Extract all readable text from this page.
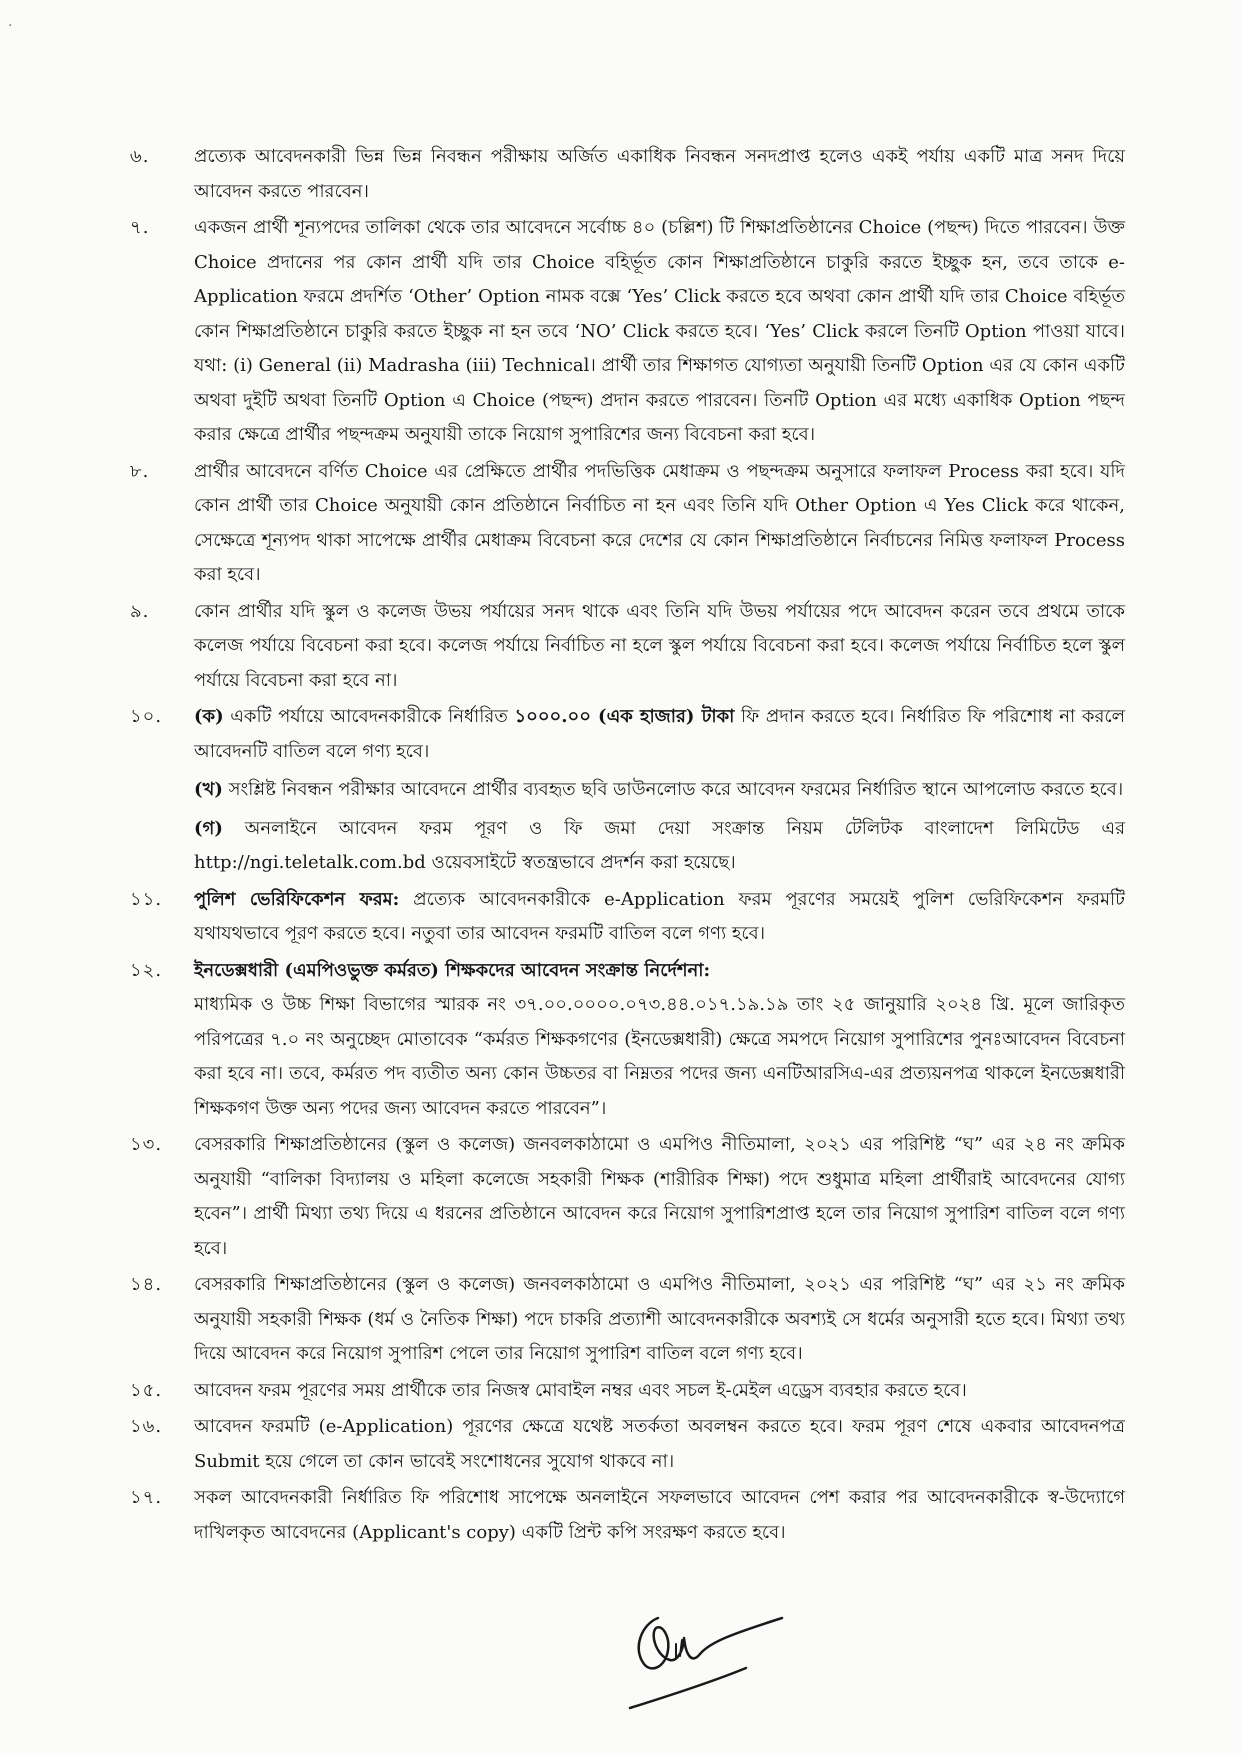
·
৬. প্রত্যেক আবেদনকারী ভিন্ন ভিন্ন নিবন্ধন পরীক্ষায় অর্জিত একাধিক নিবন্ধন সনদপ্রাপ্ত হলেও একই পর্যায় একটি মাত্র সনদ দিয়ে আবেদন করতে পারবেন।

৭. একজন প্রার্থী শূন্যপদের তালিকা থেকে তার আবেদনে সর্বোচ্চ ৪০ (চল্লিশ) টি শিক্ষাপ্রতিষ্ঠানের Choice (পছন্দ) দিতে পারবেন। উক্ত Choice প্রদানের পর কোন প্রার্থী যদি তার Choice বহির্ভূত কোন শিক্ষাপ্রতিষ্ঠানে চাকুরি করতে ইচ্ছুক হন, তবে তাকে e-Application ফরমে প্রদর্শিত ‘Other’ Option নামক বক্সে ‘Yes’ Click করতে হবে অথবা কোন প্রার্থী যদি তার Choice বহির্ভূত কোন শিক্ষাপ্রতিষ্ঠানে চাকুরি করতে ইচ্ছুক না হন তবে ‘NO’ Click করতে হবে। ‘Yes’ Click করলে তিনটি Option পাওয়া যাবে। যথা: (i) General (ii) Madrasha (iii) Technical। প্রার্থী তার শিক্ষাগত যোগ্যতা অনুযায়ী তিনটি Option এর যে কোন একটি অথবা দুইটি অথবা তিনটি Option এ Choice (পছন্দ) প্রদান করতে পারবেন। তিনটি Option এর মধ্যে একাধিক Option পছন্দ করার ক্ষেত্রে প্রার্থীর পছন্দক্রম অনুযায়ী তাকে নিয়োগ সুপারিশের জন্য বিবেচনা করা হবে।

৮. প্রার্থীর আবেদনে বর্ণিত Choice এর প্রেক্ষিতে প্রার্থীর পদভিত্তিক মেধাক্রম ও পছন্দক্রম অনুসারে ফলাফল Process করা হবে। যদি কোন প্রার্থী তার Choice অনুযায়ী কোন প্রতিষ্ঠানে নির্বাচিত না হন এবং তিনি যদি Other Option এ Yes Click করে থাকেন, সেক্ষেত্রে শূন্যপদ থাকা সাপেক্ষে প্রার্থীর মেধাক্রম বিবেচনা করে দেশের যে কোন শিক্ষাপ্রতিষ্ঠানে নির্বাচনের নিমিত্ত ফলাফল Process করা হবে।

৯. কোন প্রার্থীর যদি স্কুল ও কলেজ উভয় পর্যায়ের সনদ থাকে এবং তিনি যদি উভয় পর্যায়ের পদে আবেদন করেন তবে প্রথমে তাকে কলেজ পর্যায়ে বিবেচনা করা হবে। কলেজ পর্যায়ে নির্বাচিত না হলে স্কুল পর্যায়ে বিবেচনা করা হবে। কলেজ পর্যায়ে নির্বাচিত হলে স্কুল পর্যায়ে বিবেচনা করা হবে না।

১০. (ক) একটি পর্যায়ে আবেদনকারীকে নির্ধারিত ১০০০.০০ (এক হাজার) টাকা ফি প্রদান করতে হবে। নির্ধারিত ফি পরিশোধ না করলে আবেদনটি বাতিল বলে গণ্য হবে।

(খ) সংশ্লিষ্ট নিবন্ধন পরীক্ষার আবেদনে প্রার্থীর ব্যবহৃত ছবি ডাউনলোড করে আবেদন ফরমের নির্ধারিত স্থানে আপলোড করতে হবে।

(গ) অনলাইনে আবেদন ফরম পূরণ ও ফি জমা দেয়া সংক্রান্ত নিয়ম টেলিটক বাংলাদেশ লিমিটেড এর http://ngi.teletalk.com.bd ওয়েবসাইটে স্বতন্ত্রভাবে প্রদর্শন করা হয়েছে।

১১. পুলিশ ভেরিফিকেশন ফরম: প্রত্যেক আবেদনকারীকে e-Application ফরম পূরণের সময়েই পুলিশ ভেরিফিকেশন ফরমটি যথাযথভাবে পূরণ করতে হবে। নতুবা তার আবেদন ফরমটি বাতিল বলে গণ্য হবে।

১২. ইনডেক্সধারী (এমপিওভুক্ত কর্মরত) শিক্ষকদের আবেদন সংক্রান্ত নির্দেশনা:

মাধ্যমিক ও উচ্চ শিক্ষা বিভাগের স্মারক নং ৩৭.০০.০০০০.০৭৩.৪৪.০১৭.১৯.১৯ তাং ২৫ জানুয়ারি ২০২৪ খ্রি. মূলে জারিকৃত পরিপত্রের ৭.০ নং অনুচ্ছেদ মোতাবেক “কর্মরত শিক্ষকগণের (ইনডেক্সধারী) ক্ষেত্রে সমপদে নিয়োগ সুপারিশের পুনঃআবেদন বিবেচনা করা হবে না। তবে, কর্মরত পদ ব্যতীত অন্য কোন উচ্চতর বা নিম্নতর পদের জন্য এনটিআরসিএ-এর প্রত্যয়নপত্র থাকলে ইনডেক্সধারী শিক্ষকগণ উক্ত অন্য পদের জন্য আবেদন করতে পারবেন”।

১৩. বেসরকারি শিক্ষাপ্রতিষ্ঠানের (স্কুল ও কলেজ) জনবলকাঠামো ও এমপিও নীতিমালা, ২০২১ এর পরিশিষ্ট “ঘ” এর ২৪ নং ক্রমিক অনুযায়ী “বালিকা বিদ্যালয় ও মহিলা কলেজে সহকারী শিক্ষক (শারীরিক শিক্ষা) পদে শুধুমাত্র মহিলা প্রার্থীরাই আবেদনের যোগ্য হবেন”। প্রার্থী মিথ্যা তথ্য দিয়ে এ ধরনের প্রতিষ্ঠানে আবেদন করে নিয়োগ সুপারিশপ্রাপ্ত হলে তার নিয়োগ সুপারিশ বাতিল বলে গণ্য হবে।

১৪. বেসরকারি শিক্ষাপ্রতিষ্ঠানের (স্কুল ও কলেজ) জনবলকাঠামো ও এমপিও নীতিমালা, ২০২১ এর পরিশিষ্ট “ঘ” এর ২১ নং ক্রমিক অনুযায়ী সহকারী শিক্ষক (ধর্ম ও নৈতিক শিক্ষা) পদে চাকরি প্রত্যাশী আবেদনকারীকে অবশ্যই সে ধর্মের অনুসারী হতে হবে। মিথ্যা তথ্য দিয়ে আবেদন করে নিয়োগ সুপারিশ পেলে তার নিয়োগ সুপারিশ বাতিল বলে গণ্য হবে।

১৫. আবেদন ফরম পূরণের সময় প্রার্থীকে তার নিজস্ব মোবাইল নম্বর এবং সচল ই-মেইল এড্রেস ব্যবহার করতে হবে।

১৬. আবেদন ফরমটি (e-Application) পূরণের ক্ষেত্রে যথেষ্ট সতর্কতা অবলম্বন করতে হবে। ফরম পূরণ শেষে একবার আবেদনপত্র Submit হয়ে গেলে তা কোন ভাবেই সংশোধনের সুযোগ থাকবে না।

১৭. সকল আবেদনকারী নির্ধারিত ফি পরিশোধ সাপেক্ষে অনলাইনে সফলভাবে আবেদন পেশ করার পর আবেদনকারীকে স্ব-উদ্যোগে দাখিলকৃত আবেদনের (Applicant's copy) একটি প্রিন্ট কপি সংরক্ষণ করতে হবে।
